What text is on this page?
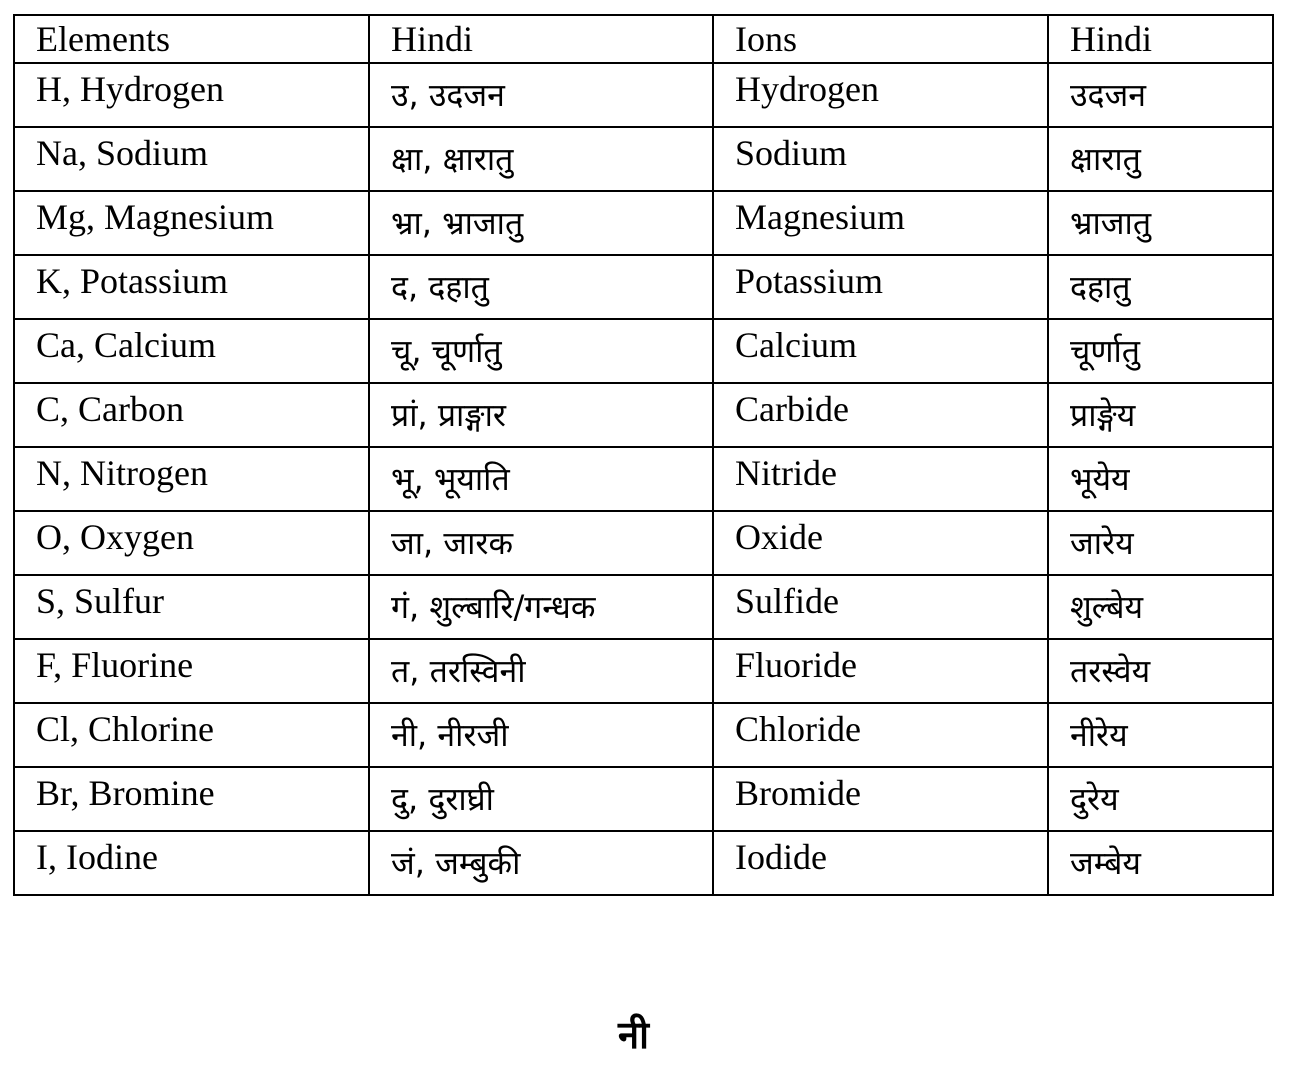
Elements	Hindi	Ions	Hindi
H, Hydrogen	उ, उदजन	Hydrogen	उदजन
Na, Sodium	क्षा, क्षारातु	Sodium	क्षारातु
Mg, Magnesium	भ्रा, भ्राजातु	Magnesium	भ्राजातु
K, Potassium	द, दहातु	Potassium	दहातु
Ca, Calcium	चू, चूर्णातु	Calcium	चूर्णातु
C, Carbon	प्रां, प्राङ्गार	Carbide	प्राङ्गेय
N, Nitrogen	भू, भूयाति	Nitride	भूयेय
O, Oxygen	जा, जारक	Oxide	जारेय
S, Sulfur	गं, शुल्बारि/गन्धक	Sulfide	शुल्बेय
F, Fluorine	त, तरस्विनी	Fluoride	तरस्वेय
Cl, Chlorine	नी, नीरजी	Chloride	नीरेय
Br, Bromine	दु, दुराघ्री	Bromide	दुरेय
I, Iodine	जं, जम्बुकी	Iodide	जम्बेय
नी
